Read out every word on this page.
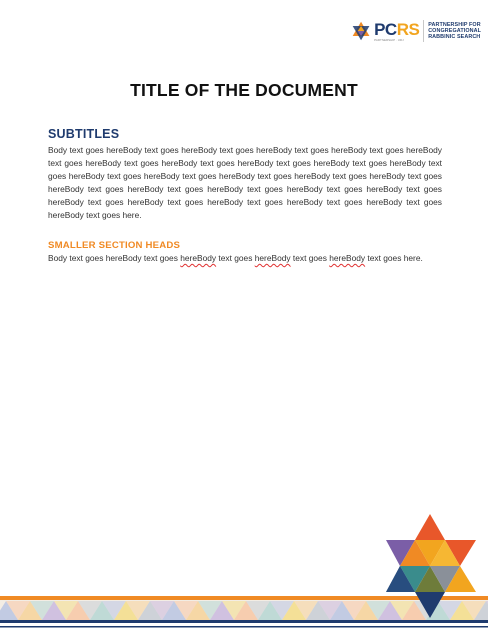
PCRS
PARTNERSHIP · URJ
PARTNERSHIP FOR
CONGREGATIONAL
RABBINIC SEARCH
TITLE OF THE DOCUMENT
SUBTITLES
Body text goes hereBody text goes hereBody text goes hereBody text goes hereBody text goes hereBody text goes hereBody text goes hereBody text goes hereBody text goes hereBody text goes hereBody text goes hereBody text goes hereBody text goes hereBody text goes hereBody text goes hereBody text goes hereBody text goes hereBody text goes hereBody text goes hereBody text goes hereBody text goes hereBody text goes hereBody text goes hereBody text goes hereBody text goes hereBody text goes hereBody text goes here.
SMALLER SECTION HEADS
Body text goes hereBody text goes hereBody text goes hereBody text goes hereBody text goes here.
